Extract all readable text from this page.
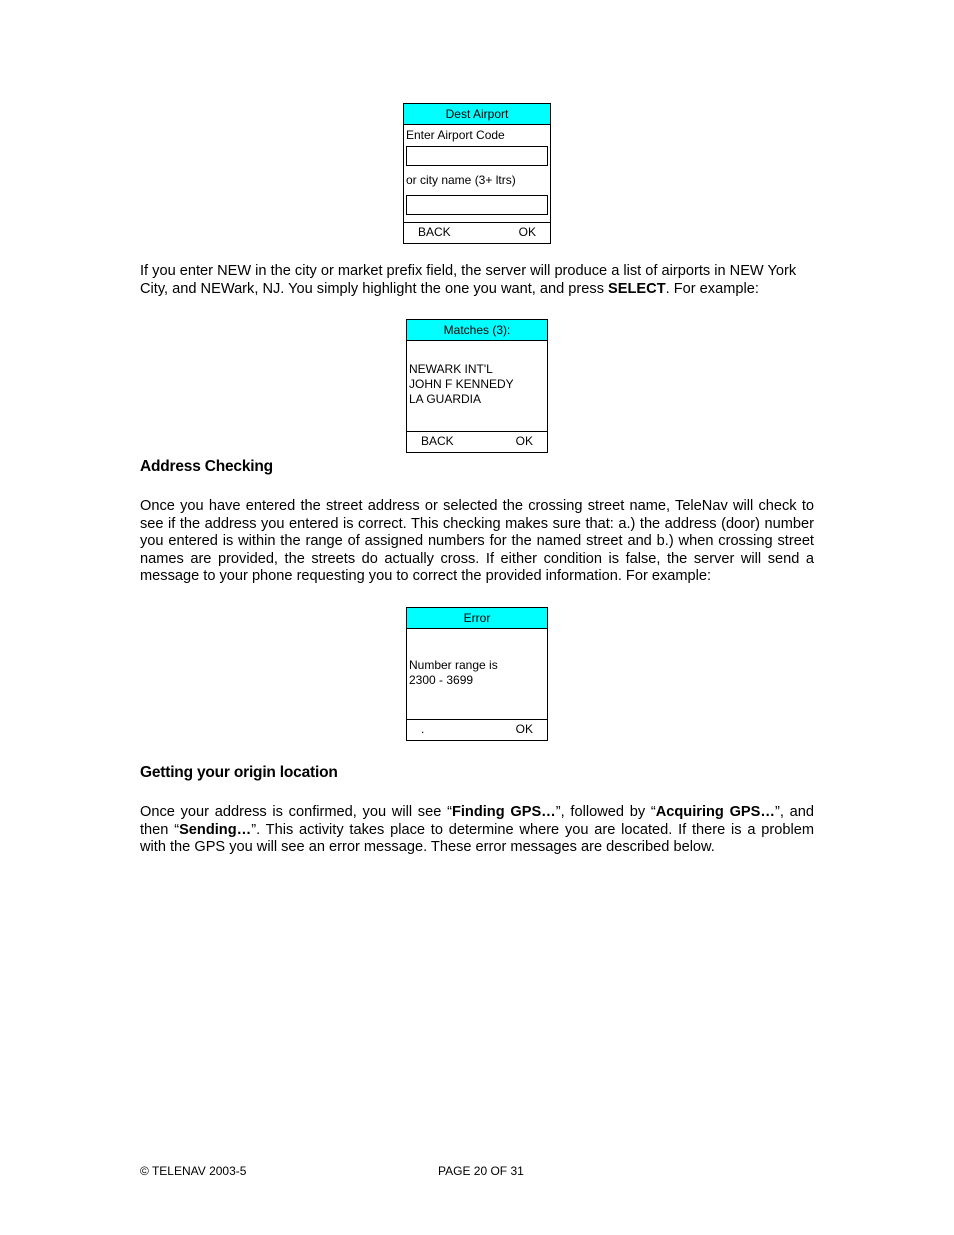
Dest Airport
Enter Airport Code
or city name (3+ ltrs)
BACK	OK

If you enter NEW in the city or market prefix field, the server will produce a list of airports in NEW York City, and NEWark, NJ. You simply highlight the one you want, and press SELECT. For example:

Matches (3):
NEWARK INT'L
JOHN F KENNEDY
LA GUARDIA
BACK	OK
Address Checking

Once you have entered the street address or selected the crossing street name, TeleNav will check to see if the address you entered is correct. This checking makes sure that: a.) the address (door) number you entered is within the range of assigned numbers for the named street and b.) when crossing street names are provided, the streets do actually cross. If either condition is false, the server will send a message to your phone requesting you to correct the provided information. For example:

Error
Number range is
2300 - 3699
.	OK
Getting your origin location

Once your address is confirmed, you will see “Finding GPS…”, followed by “Acquiring GPS…”, and then “Sending…”. This activity takes place to determine where you are located. If there is a problem with the GPS you will see an error message. These error messages are described below.

© TELENAV 2003-5	PAGE 20 OF 31
